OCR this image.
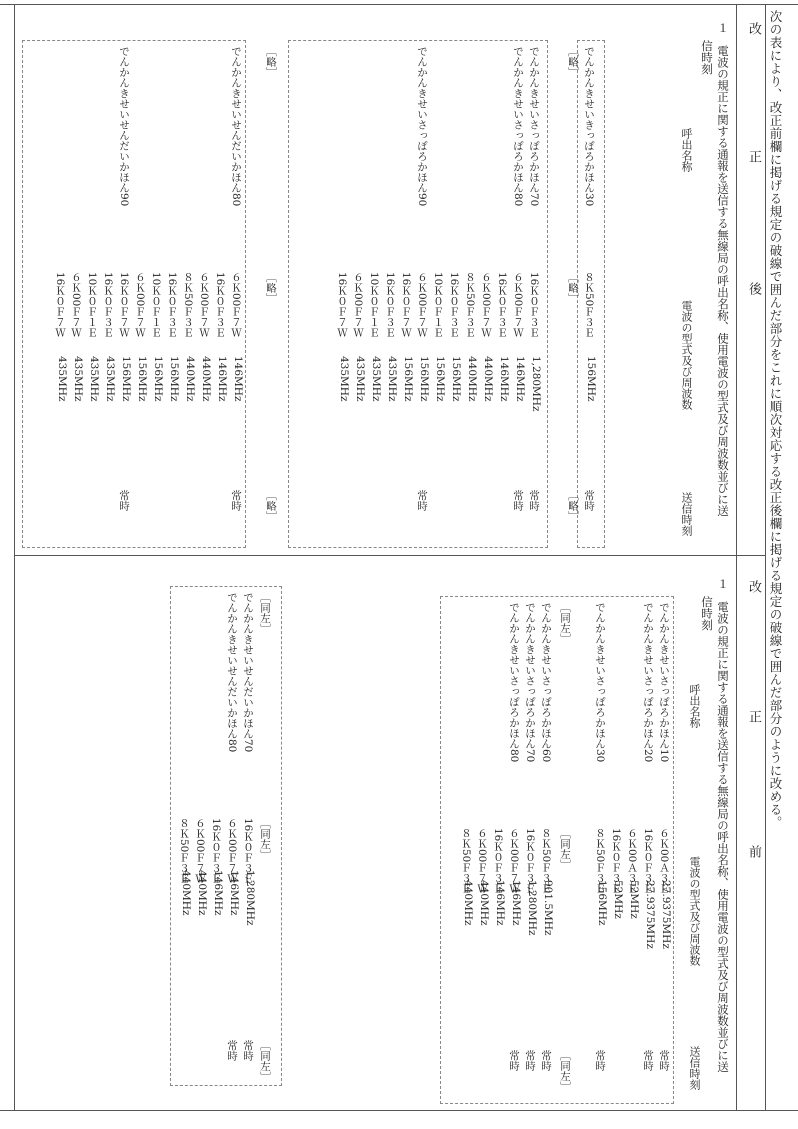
次の表により、改正前欄に掲げる規定の破線で囲んだ部分をこれに順次対応する改正後欄に掲げる規定の破線で囲んだ部分のように改める。
改
正
後
１　電波の規正に関する通報を送信する無線局の呼出名称、使用電波の型式及び周波数並びに送
信時刻
呼出名称
電波の型式及び周波数
送信時刻
でんかんきせいきっぽろかほん30
［略］
８Ｋ50Ｆ３Ｅ
［略］
156MHz
常時
［略］
でんかんきせいさっぽろかほん70
でんかんきせいさっぽろかほん80
でんかんきせいさっぽろかほん90
16Ｋ０Ｆ３Ｅ
６Ｋ00Ｆ７Ｗ
16Ｋ０Ｆ３Ｅ
６Ｋ00Ｆ７Ｗ
８Ｋ50Ｆ３Ｅ
16Ｋ０Ｆ３Ｅ
10Ｋ０Ｆ１Ｅ
６Ｋ00Ｆ７Ｗ
16Ｋ０Ｆ７Ｗ
16Ｋ０Ｆ３Ｅ
10Ｋ０Ｆ１Ｅ
６Ｋ00Ｆ７Ｗ
16Ｋ０Ｆ７Ｗ
1,280MHz
146MHz
146MHz
440MHz
440MHz
156MHz
156MHz
156MHz
156MHz
435MHz
435MHz
435MHz
435MHz
常時
常時
常時
［略］
［略］
［略］
でんかんきせいせんだいかほん80
でんかんきせいせんだいかほん90
６Ｋ00Ｆ７Ｗ
16Ｋ０Ｆ３Ｅ
６Ｋ00Ｆ７Ｗ
８Ｋ50Ｆ３Ｅ
16Ｋ０Ｆ３Ｅ
10Ｋ０Ｆ１Ｅ
６Ｋ00Ｆ７Ｗ
16Ｋ０Ｆ７Ｗ
16Ｋ０Ｆ３Ｅ
10Ｋ０Ｆ１Ｅ
６Ｋ00Ｆ７Ｗ
16Ｋ０Ｆ７Ｗ
146MHz
146MHz
440MHz
440MHz
156MHz
156MHz
156MHz
156MHz
435MHz
435MHz
435MHz
435MHz
常時
常時
改
正
前
１　電波の規正に関する通報を送信する無線局の呼出名称、使用電波の型式及び周波数並びに送
信時刻
呼出名称
電波の型式及び周波数
送信時刻
でんかんきせいさっぽろかほん10
でんかんきせいさっぽろかほん20
でんかんきせいさっぽろかほん30
６Ｋ00Ａ３Ｅ
16Ｋ０Ｆ３Ｅ
６Ｋ00Ａ３Ｅ
16Ｋ０Ｆ３Ｅ
８Ｋ50Ｆ３Ｅ
27.9375MHz
27.9375MHz
52MHz
52MHz
156MHz
常時
常時
常時
［同左］
［同左］
［同左］
でんかんきせいさっぽろかほん60
でんかんきせいさっぽろかほん70
でんかんきせいさっぽろかほん80
８Ｋ50Ｆ３Ｅ
16Ｋ０Ｆ３Ｅ
６Ｋ00Ｆ７Ｗ
16Ｋ０Ｆ３Ｅ
６Ｋ00Ｆ７Ｗ
８Ｋ50Ｆ３Ｅ
901.5MHz
1,280MHz
146MHz
146MHz
440MHz
440MHz
常時
常時
常時
［同左］
［同左］
［同左］
でんかんきせいせんだいかほん70
でんかんきせいせんだいかほん80
16Ｋ０Ｆ３Ｅ
６Ｋ00Ｆ７Ｗ
16Ｋ０Ｆ３Ｅ
６Ｋ00Ｆ７Ｗ
８Ｋ50Ｆ３Ｅ
1,280MHz
146MHz
146MHz
440MHz
440MHz
常時
常時
